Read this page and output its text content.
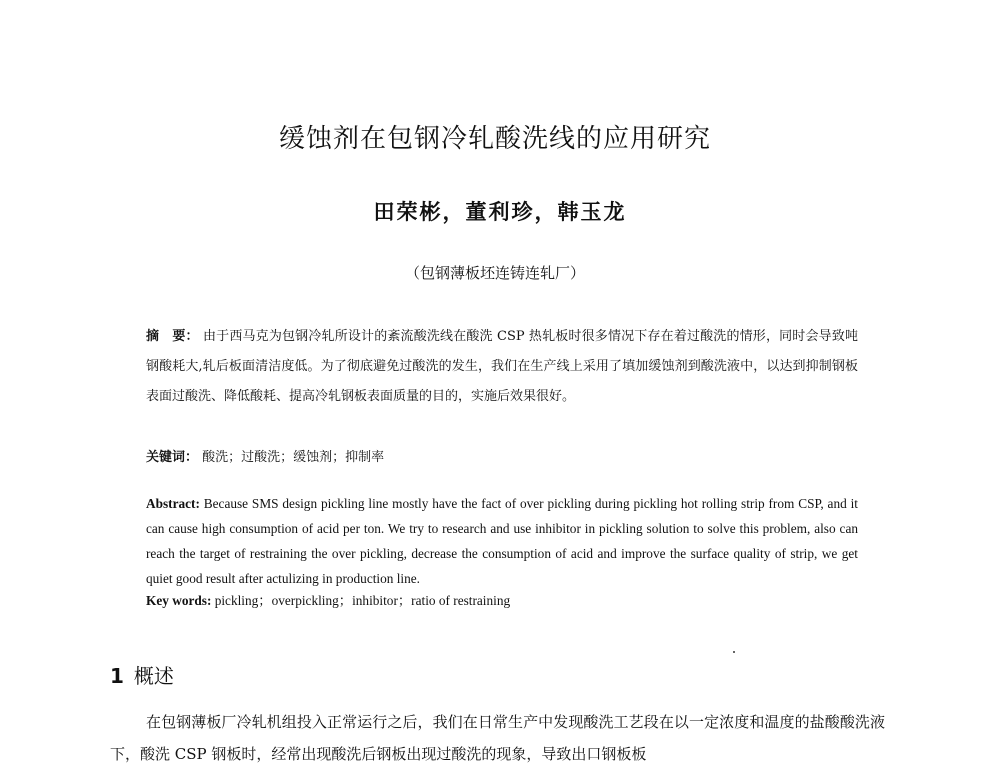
缓蚀剂在包钢冷轧酸洗线的应用研究
田荣彬，董利珍，韩玉龙
（包钢薄板坯连铸连轧厂）
摘　要： 由于西马克为包钢冷轧所设计的紊流酸洗线在酸洗 CSP 热轧板时很多情况下存在着过酸洗的情形，同时会导致吨钢酸耗大,轧后板面清洁度低。为了彻底避免过酸洗的发生，我们在生产线上采用了填加缓蚀剂到酸洗液中，以达到抑制钢板表面过酸洗、降低酸耗、提高冷轧钢板表面质量的目的，实施后效果很好。
关键词： 酸洗；过酸洗；缓蚀剂；抑制率
Abstract: Because SMS design pickling line mostly have the fact of over pickling during pickling hot rolling strip from CSP, and it can cause high consumption of acid per ton. We try to research and use inhibitor in pickling solution to solve this problem, also can reach the target of restraining the over pickling, decrease the consumption of acid and improve the surface quality of strip, we get quiet good result after actulizing in production line.
Key words: pickling；overpickling；inhibitor；ratio of restraining
1 概述
在包钢薄板厂冷轧机组投入正常运行之后，我们在日常生产中发现酸洗工艺段在以一定浓度和温度的盐酸酸洗液下，酸洗 CSP 钢板时，经常出现酸洗后钢板出现过酸洗的现象，导致出口钢板板
